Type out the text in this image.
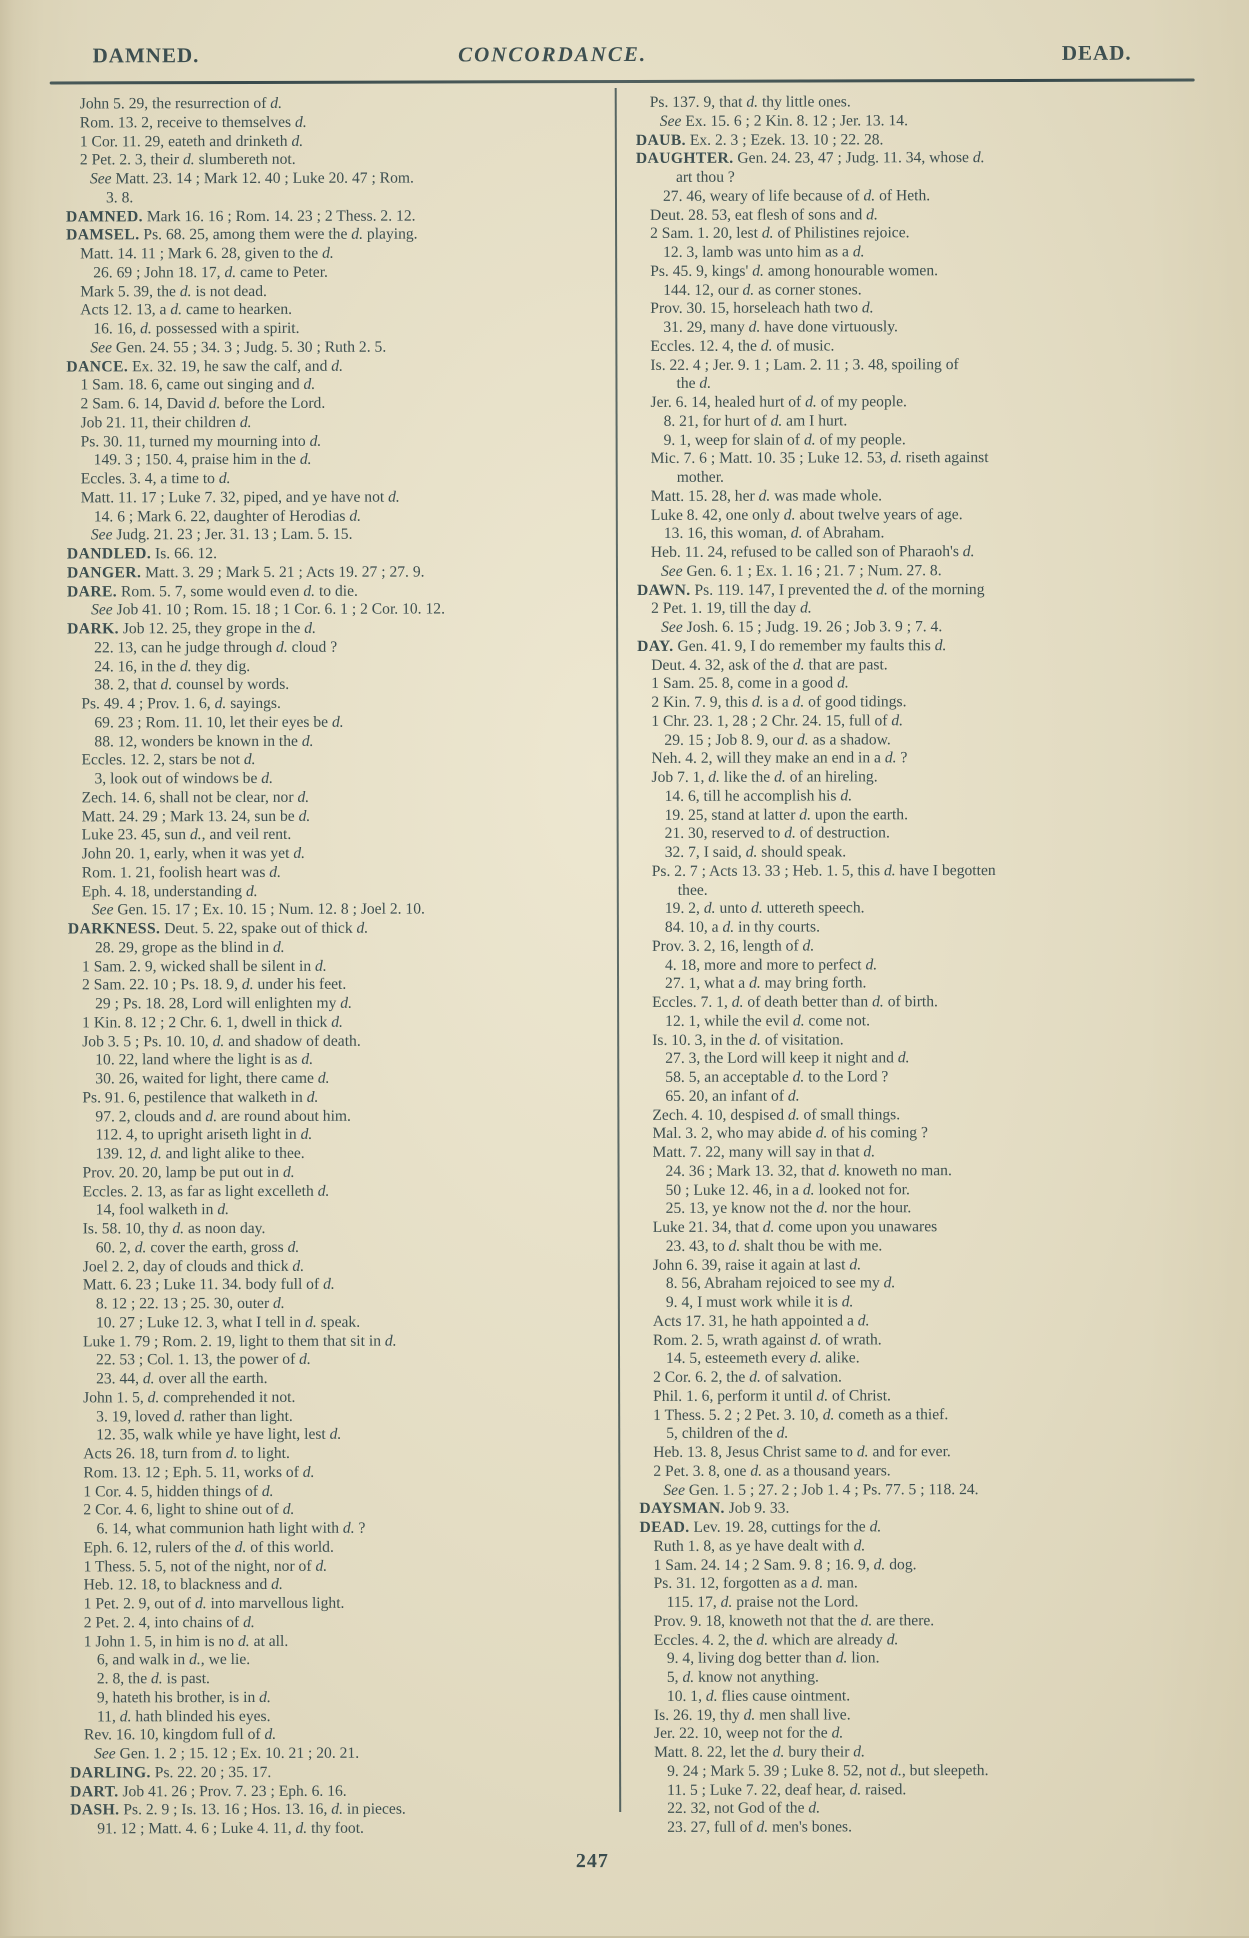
DAMNED.	CONCORDANCE.	DEAD.
John 5. 29, the resurrection of d.
Rom. 13. 2, receive to themselves d.
1 Cor. 11. 29, eateth and drinketh d.
2 Pet. 2. 3, their d. slumbereth not.
See Matt. 23. 14 ; Mark 12. 40 ; Luke 20. 47 ; Rom.
3. 8.
DAMNED. Mark 16. 16 ; Rom. 14. 23 ; 2 Thess. 2. 12.
DAMSEL. Ps. 68. 25, among them were the d. playing.
Matt. 14. 11 ; Mark 6. 28, given to the d.
26. 69 ; John 18. 17, d. came to Peter.
Mark 5. 39, the d. is not dead.
Acts 12. 13, a d. came to hearken.
16. 16, d. possessed with a spirit.
See Gen. 24. 55 ; 34. 3 ; Judg. 5. 30 ; Ruth 2. 5.
DANCE. Ex. 32. 19, he saw the calf, and d.
1 Sam. 18. 6, came out singing and d.
2 Sam. 6. 14, David d. before the Lord.
Job 21. 11, their children d.
Ps. 30. 11, turned my mourning into d.
149. 3 ; 150. 4, praise him in the d.
Eccles. 3. 4, a time to d.
Matt. 11. 17 ; Luke 7. 32, piped, and ye have not d.
14. 6 ; Mark 6. 22, daughter of Herodias d.
See Judg. 21. 23 ; Jer. 31. 13 ; Lam. 5. 15.
DANDLED. Is. 66. 12.
DANGER. Matt. 3. 29 ; Mark 5. 21 ; Acts 19. 27 ; 27. 9.
DARE. Rom. 5. 7, some would even d. to die.
See Job 41. 10 ; Rom. 15. 18 ; 1 Cor. 6. 1 ; 2 Cor. 10. 12.
DARK. Job 12. 25, they grope in the d.
22. 13, can he judge through d. cloud ?
24. 16, in the d. they dig.
38. 2, that d. counsel by words.
Ps. 49. 4 ; Prov. 1. 6, d. sayings.
69. 23 ; Rom. 11. 10, let their eyes be d.
88. 12, wonders be known in the d.
Eccles. 12. 2, stars be not d.
3, look out of windows be d.
Zech. 14. 6, shall not be clear, nor d.
Matt. 24. 29 ; Mark 13. 24, sun be d.
Luke 23. 45, sun d., and veil rent.
John 20. 1, early, when it was yet d.
Rom. 1. 21, foolish heart was d.
Eph. 4. 18, understanding d.
See Gen. 15. 17 ; Ex. 10. 15 ; Num. 12. 8 ; Joel 2. 10.
DARKNESS. Deut. 5. 22, spake out of thick d.
28. 29, grope as the blind in d.
1 Sam. 2. 9, wicked shall be silent in d.
2 Sam. 22. 10 ; Ps. 18. 9, d. under his feet.
29 ; Ps. 18. 28, Lord will enlighten my d.
1 Kin. 8. 12 ; 2 Chr. 6. 1, dwell in thick d.
Job 3. 5 ; Ps. 10. 10, d. and shadow of death.
10. 22, land where the light is as d.
30. 26, waited for light, there came d.
Ps. 91. 6, pestilence that walketh in d.
97. 2, clouds and d. are round about him.
112. 4, to upright ariseth light in d.
139. 12, d. and light alike to thee.
Prov. 20. 20, lamp be put out in d.
Eccles. 2. 13, as far as light excelleth d.
14, fool walketh in d.
Is. 58. 10, thy d. as noon day.
60. 2, d. cover the earth, gross d.
Joel 2. 2, day of clouds and thick d.
Matt. 6. 23 ; Luke 11. 34. body full of d.
8. 12 ; 22. 13 ; 25. 30, outer d.
10. 27 ; Luke 12. 3, what I tell in d. speak.
Luke 1. 79 ; Rom. 2. 19, light to them that sit in d.
22. 53 ; Col. 1. 13, the power of d.
23. 44, d. over all the earth.
John 1. 5, d. comprehended it not.
3. 19, loved d. rather than light.
12. 35, walk while ye have light, lest d.
Acts 26. 18, turn from d. to light.
Rom. 13. 12 ; Eph. 5. 11, works of d.
1 Cor. 4. 5, hidden things of d.
2 Cor. 4. 6, light to shine out of d.
6. 14, what communion hath light with d. ?
Eph. 6. 12, rulers of the d. of this world.
1 Thess. 5. 5, not of the night, nor of d.
Heb. 12. 18, to blackness and d.
1 Pet. 2. 9, out of d. into marvellous light.
2 Pet. 2. 4, into chains of d.
1 John 1. 5, in him is no d. at all.
6, and walk in d., we lie.
2. 8, the d. is past.
9, hateth his brother, is in d.
11, d. hath blinded his eyes.
Rev. 16. 10, kingdom full of d.
See Gen. 1. 2 ; 15. 12 ; Ex. 10. 21 ; 20. 21.
DARLING. Ps. 22. 20 ; 35. 17.
DART. Job 41. 26 ; Prov. 7. 23 ; Eph. 6. 16.
DASH. Ps. 2. 9 ; Is. 13. 16 ; Hos. 13. 16, d. in pieces.
91. 12 ; Matt. 4. 6 ; Luke 4. 11, d. thy foot.
Ps. 137. 9, that d. thy little ones.
See Ex. 15. 6 ; 2 Kin. 8. 12 ; Jer. 13. 14.
DAUB. Ex. 2. 3 ; Ezek. 13. 10 ; 22. 28.
DAUGHTER. Gen. 24. 23, 47 ; Judg. 11. 34, whose d.
art thou ?
27. 46, weary of life because of d. of Heth.
Deut. 28. 53, eat flesh of sons and d.
2 Sam. 1. 20, lest d. of Philistines rejoice.
12. 3, lamb was unto him as a d.
Ps. 45. 9, kings' d. among honourable women.
144. 12, our d. as corner stones.
Prov. 30. 15, horseleach hath two d.
31. 29, many d. have done virtuously.
Eccles. 12. 4, the d. of music.
Is. 22. 4 ; Jer. 9. 1 ; Lam. 2. 11 ; 3. 48, spoiling of
the d.
Jer. 6. 14, healed hurt of d. of my people.
8. 21, for hurt of d. am I hurt.
9. 1, weep for slain of d. of my people.
Mic. 7. 6 ; Matt. 10. 35 ; Luke 12. 53, d. riseth against
mother.
Matt. 15. 28, her d. was made whole.
Luke 8. 42, one only d. about twelve years of age.
13. 16, this woman, d. of Abraham.
Heb. 11. 24, refused to be called son of Pharaoh's d.
See Gen. 6. 1 ; Ex. 1. 16 ; 21. 7 ; Num. 27. 8.
DAWN. Ps. 119. 147, I prevented the d. of the morning
2 Pet. 1. 19, till the day d.
See Josh. 6. 15 ; Judg. 19. 26 ; Job 3. 9 ; 7. 4.
DAY. Gen. 41. 9, I do remember my faults this d.
Deut. 4. 32, ask of the d. that are past.
1 Sam. 25. 8, come in a good d.
2 Kin. 7. 9, this d. is a d. of good tidings.
1 Chr. 23. 1, 28 ; 2 Chr. 24. 15, full of d.
29. 15 ; Job 8. 9, our d. as a shadow.
Neh. 4. 2, will they make an end in a d. ?
Job 7. 1, d. like the d. of an hireling.
14. 6, till he accomplish his d.
19. 25, stand at latter d. upon the earth.
21. 30, reserved to d. of destruction.
32. 7, I said, d. should speak.
Ps. 2. 7 ; Acts 13. 33 ; Heb. 1. 5, this d. have I begotten
thee.
19. 2, d. unto d. uttereth speech.
84. 10, a d. in thy courts.
Prov. 3. 2, 16, length of d.
4. 18, more and more to perfect d.
27. 1, what a d. may bring forth.
Eccles. 7. 1, d. of death better than d. of birth.
12. 1, while the evil d. come not.
Is. 10. 3, in the d. of visitation.
27. 3, the Lord will keep it night and d.
58. 5, an acceptable d. to the Lord ?
65. 20, an infant of d.
Zech. 4. 10, despised d. of small things.
Mal. 3. 2, who may abide d. of his coming ?
Matt. 7. 22, many will say in that d.
24. 36 ; Mark 13. 32, that d. knoweth no man.
50 ; Luke 12. 46, in a d. looked not for.
25. 13, ye know not the d. nor the hour.
Luke 21. 34, that d. come upon you unawares
23. 43, to d. shalt thou be with me.
John 6. 39, raise it again at last d.
8. 56, Abraham rejoiced to see my d.
9. 4, I must work while it is d.
Acts 17. 31, he hath appointed a d.
Rom. 2. 5, wrath against d. of wrath.
14. 5, esteemeth every d. alike.
2 Cor. 6. 2, the d. of salvation.
Phil. 1. 6, perform it until d. of Christ.
1 Thess. 5. 2 ; 2 Pet. 3. 10, d. cometh as a thief.
5, children of the d.
Heb. 13. 8, Jesus Christ same to d. and for ever.
2 Pet. 3. 8, one d. as a thousand years.
See Gen. 1. 5 ; 27. 2 ; Job 1. 4 ; Ps. 77. 5 ; 118. 24.
DAYSMAN. Job 9. 33.
DEAD. Lev. 19. 28, cuttings for the d.
Ruth 1. 8, as ye have dealt with d.
1 Sam. 24. 14 ; 2 Sam. 9. 8 ; 16. 9, d. dog.
Ps. 31. 12, forgotten as a d. man.
115. 17, d. praise not the Lord.
Prov. 9. 18, knoweth not that the d. are there.
Eccles. 4. 2, the d. which are already d.
9. 4, living dog better than d. lion.
5, d. know not anything.
10. 1, d. flies cause ointment.
Is. 26. 19, thy d. men shall live.
Jer. 22. 10, weep not for the d.
Matt. 8. 22, let the d. bury their d.
9. 24 ; Mark 5. 39 ; Luke 8. 52, not d., but sleepeth.
11. 5 ; Luke 7. 22, deaf hear, d. raised.
22. 32, not God of the d.
23. 27, full of d. men's bones.
247
